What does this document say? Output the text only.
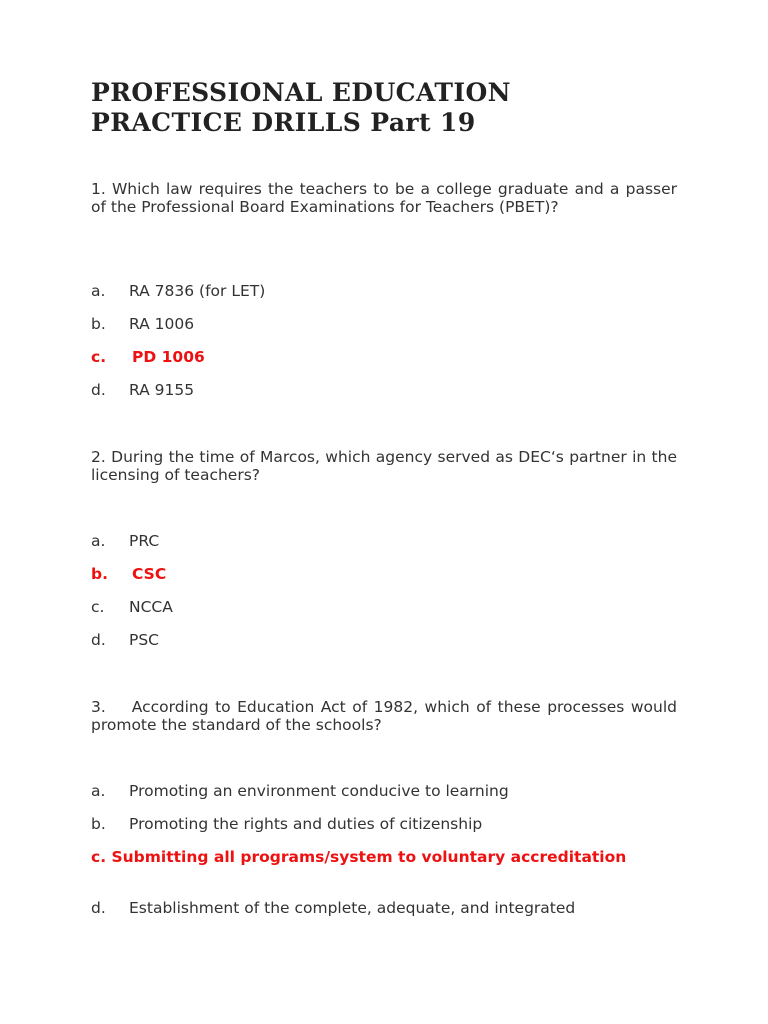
PROFESSIONAL EDUCATION
PRACTICE DRILLS Part 19

1. Which law requires the teachers to be a college graduate and a passer of the Professional Board Examinations for Teachers (PBET)?

a. RA 7836 (for LET)
b. RA 1006
c. PD 1006
d. RA 9155

2. During the time of Marcos, which agency served as DEC‘s partner in the licensing of teachers?

a. PRC
b. CSC
c. NCCA
d. PSC

3.    According to Education Act of 1982, which of these processes would promote the standard of the schools?

a. Promoting an environment conducive to learning
b. Promoting the rights and duties of citizenship
c. Submitting all programs/system to voluntary accreditation
d. Establishment of the complete, adequate, and integrated
